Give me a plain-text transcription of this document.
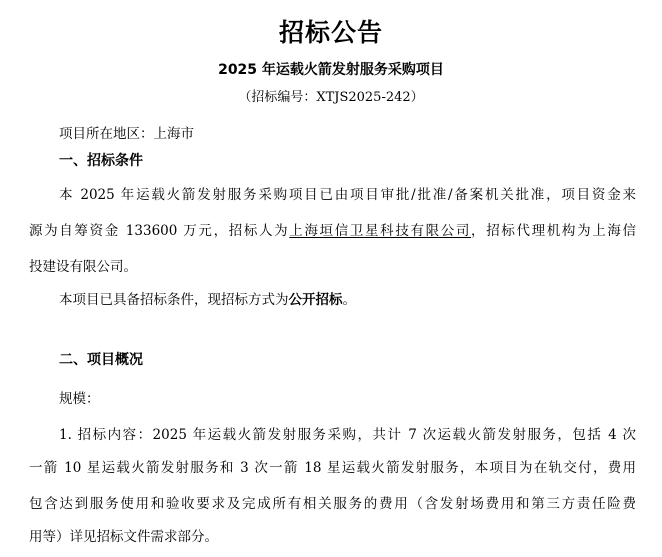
招标公告
2025 年运载火箭发射服务采购项目
（招标编号：XTJS2025-242）
项目所在地区：上海市
一、招标条件
本 2025 年运载火箭发射服务采购项目已由项目审批/批准/备案机关批准，项目资金来
源为自筹资金 133600 万元，招标人为上海垣信卫星科技有限公司，招标代理机构为上海信
投建设有限公司。
本项目已具备招标条件，现招标方式为公开招标。
二、项目概况
规模：
1. 招标内容：2025 年运载火箭发射服务采购，共计 7 次运载火箭发射服务，包括 4 次
一箭 10 星运载火箭发射服务和 3 次一箭 18 星运载火箭发射服务，本项目为在轨交付，费用
包含达到服务使用和验收要求及完成所有相关服务的费用（含发射场费用和第三方责任险费
用等）详见招标文件需求部分。
